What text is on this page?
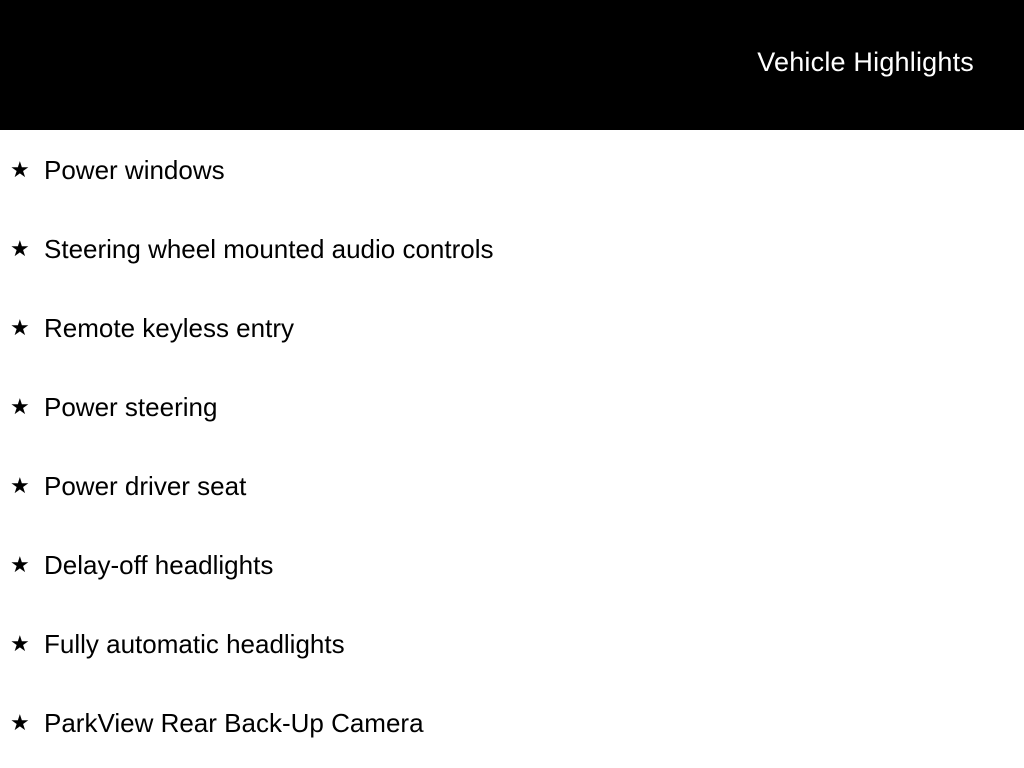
Vehicle Highlights
★ Power windows
★ Steering wheel mounted audio controls
★ Remote keyless entry
★ Power steering
★ Power driver seat
★ Delay-off headlights
★ Fully automatic headlights
★ ParkView Rear Back-Up Camera
